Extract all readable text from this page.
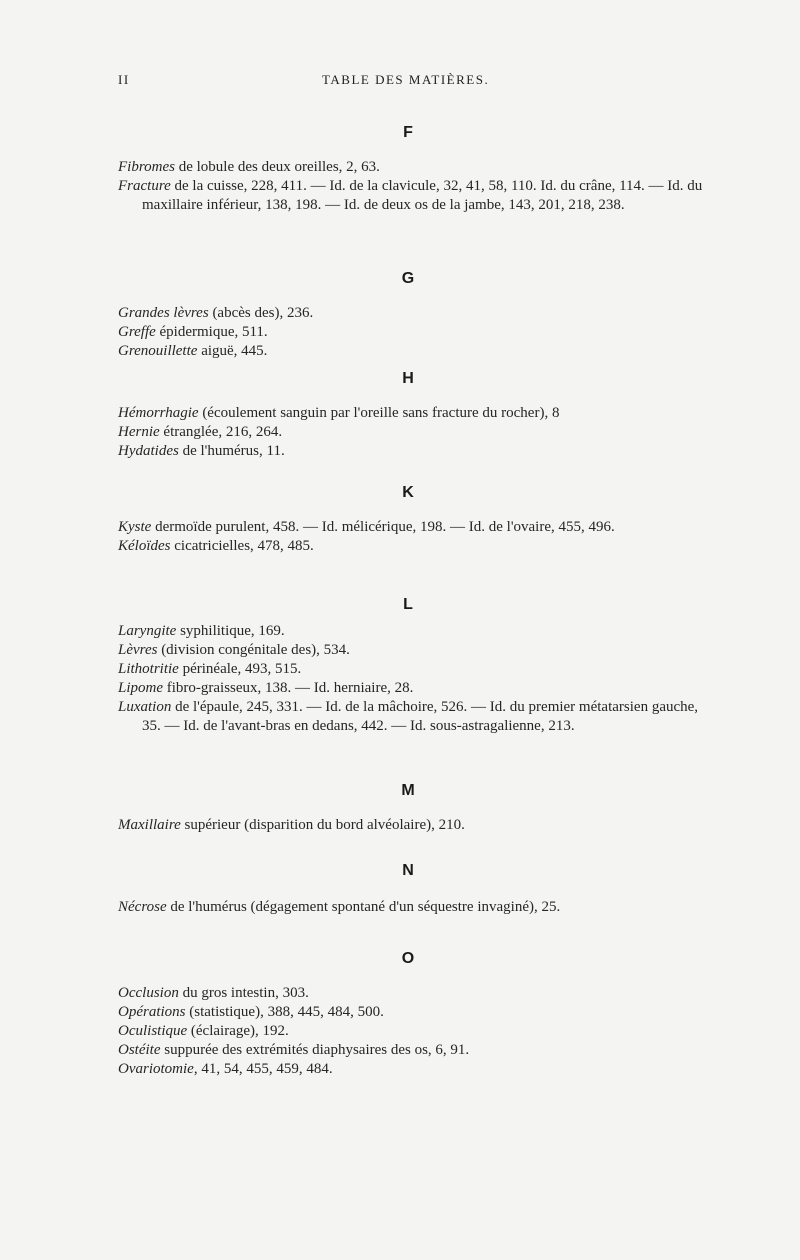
II	TABLE DES MATIÈRES.
F

Fibromes de lobule des deux oreilles, 2, 63.

Fracture de la cuisse, 228, 411. — Id. de la clavicule, 32, 41, 58, 110. Id. du crâne, 114. — Id. du maxillaire inférieur, 138, 198. — Id. de deux os de la jambe, 143, 201, 218, 238.

G

Grandes lèvres (abcès des), 236.

Greffe épidermique, 511.

Grenouillette aiguë, 445.

H

Hémorrhagie (écoulement sanguin par l'oreille sans fracture du rocher), 8

Hernie étranglée, 216, 264.

Hydatides de l'humérus, 11.

K

Kyste dermoïde purulent, 458. — Id. mélicérique, 198. — Id. de l'ovaire, 455, 496.

Kéloïdes cicatricielles, 478, 485.

L

Laryngite syphilitique, 169.

Lèvres (division congénitale des), 534.

Lithotritie périnéale, 493, 515.

Lipome fibro-graisseux, 138. — Id. herniaire, 28.

Luxation de l'épaule, 245, 331. — Id. de la mâchoire, 526. — Id. du premier métatarsien gauche, 35. — Id. de l'avant-bras en dedans, 442. — Id. sous-astragalienne, 213.

M

Maxillaire supérieur (disparition du bord alvéolaire), 210.

N

Nécrose de l'humérus (dégagement spontané d'un séquestre invaginé), 25.

O

Occlusion du gros intestin, 303.

Opérations (statistique), 388, 445, 484, 500.

Oculistique (éclairage), 192.

Ostéite suppurée des extrémités diaphysaires des os, 6, 91.

Ovariotomie, 41, 54, 455, 459, 484.
